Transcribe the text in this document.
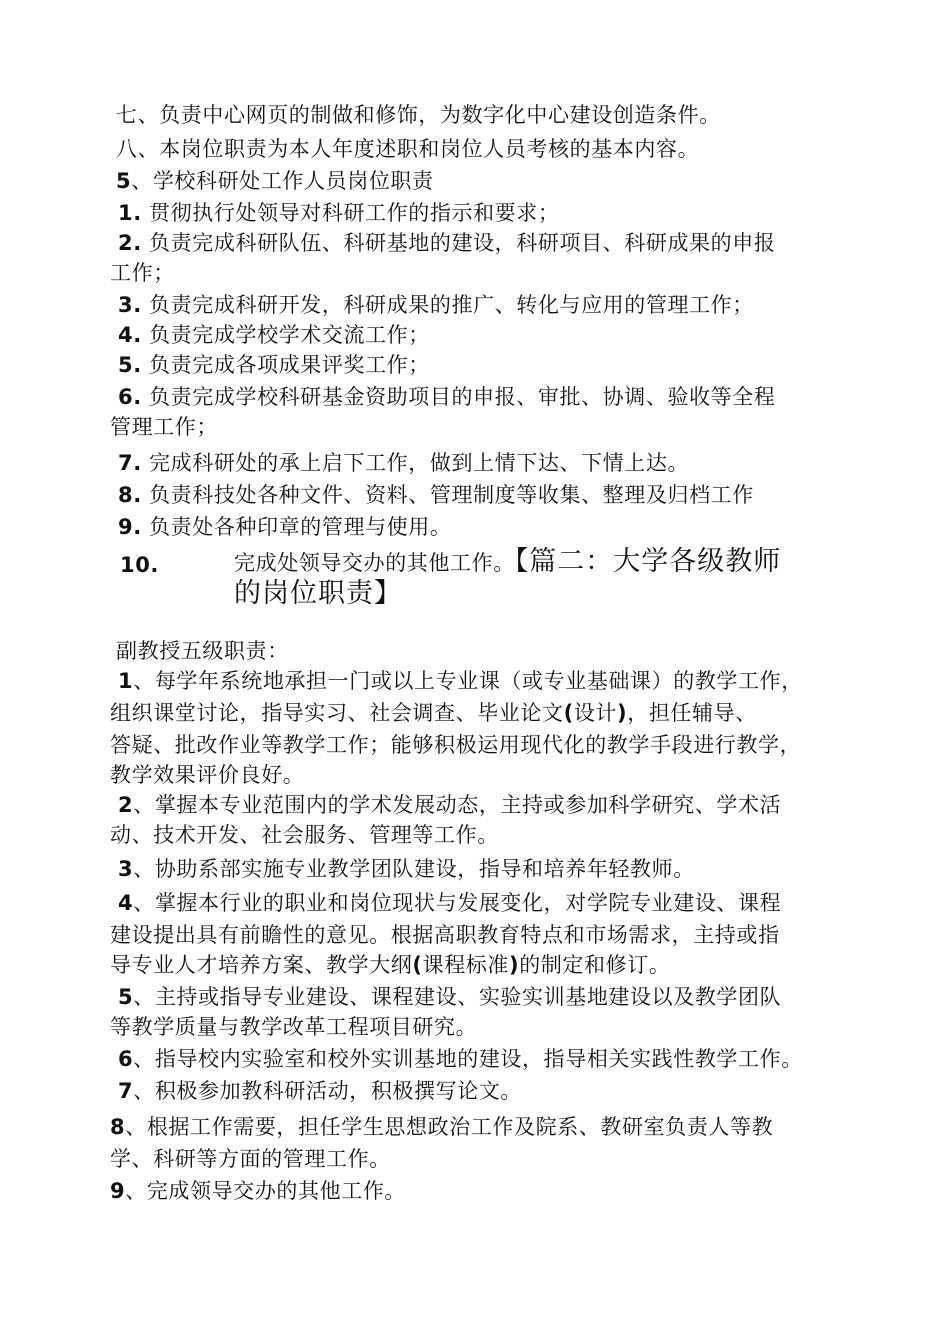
七、负责中心网页的制做和修饰，为数字化中心建设创造条件。
八、本岗位职责为本人年度述职和岗位人员考核的基本内容。
5、学校科研处工作人员岗位职责
1. 贯彻执行处领导对科研工作的指示和要求；
2. 负责完成科研队伍、科研基地的建设，科研项目、科研成果的申报
工作；
3. 负责完成科研开发，科研成果的推广、转化与应用的管理工作；
4. 负责完成学校学术交流工作；
5. 负责完成各项成果评奖工作；
6. 负责完成学校科研基金资助项目的申报、审批、协调、验收等全程
管理工作；
7. 完成科研处的承上启下工作，做到上情下达、下情上达。
8. 负责科技处各种文件、资料、管理制度等收集、整理及归档工作
9. 负责处各种印章的管理与使用。
10.	完成处领导交办的其他工作。【篇二：大学各级教师
的岗位职责】
副教授五级职责：
1、每学年系统地承担一门或以上专业课（或专业基础课）的教学工作，
组织课堂讨论，指导实习、社会调查、毕业论文(设计)，担任辅导、
答疑、批改作业等教学工作；能够积极运用现代化的教学手段进行教学，
教学效果评价良好。
2、掌握本专业范围内的学术发展动态，主持或参加科学研究、学术活
动、技术开发、社会服务、管理等工作。
3、协助系部实施专业教学团队建设，指导和培养年轻教师。
4、掌握本行业的职业和岗位现状与发展变化，对学院专业建设、课程
建设提出具有前瞻性的意见。根据高职教育特点和市场需求，主持或指
导专业人才培养方案、教学大纲(课程标准)的制定和修订。
5、主持或指导专业建设、课程建设、实验实训基地建设以及教学团队
等教学质量与教学改革工程项目研究。
6、指导校内实验室和校外实训基地的建设，指导相关实践性教学工作。
7、积极参加教科研活动，积极撰写论文。
8、根据工作需要，担任学生思想政治工作及院系、教研室负责人等教
学、科研等方面的管理工作。
9、完成领导交办的其他工作。
